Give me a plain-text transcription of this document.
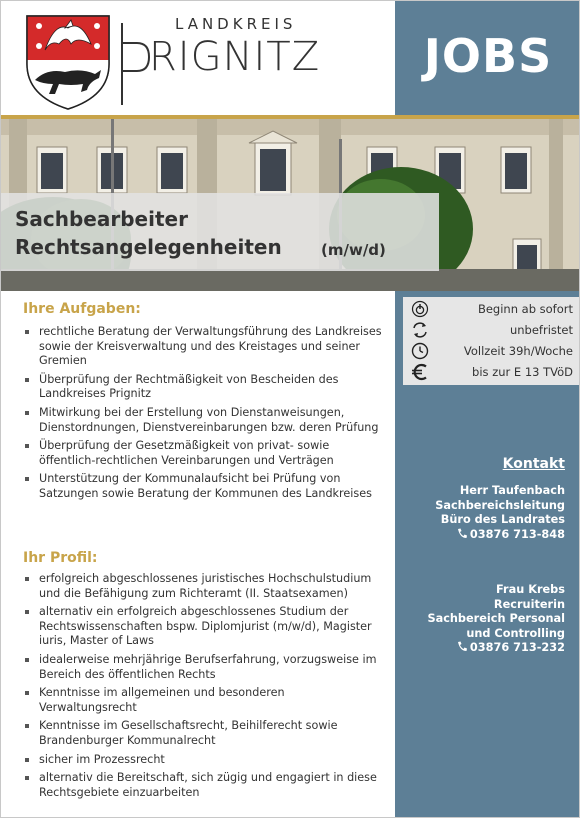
LANDKREIS
RIGNITZ	JOBS
Sachbearbeiter
Rechtsangelegenheiten	(m/w/d)
Ihre Aufgaben:
rechtliche Beratung der Verwaltungsführung des Landkreises sowie der Kreisverwaltung und des Kreistages und seiner Gremien
Überprüfung der Rechtmäßigkeit von Bescheiden des Landkreises Prignitz
Mitwirkung bei der Erstellung von Dienstanweisungen, Dienstordnungen, Dienstvereinbarungen bzw. deren Prüfung
Überprüfung der Gesetzmäßigkeit von privat- sowie öffentlich-rechtlichen Vereinbarungen und Verträgen
Unterstützung der Kommunalaufsicht bei Prüfung von Satzungen sowie Beratung der Kommunen des Landkreises
Ihr Profil:
erfolgreich abgeschlossenes juristisches Hochschulstudium und die Befähigung zum Richteramt (II. Staatsexamen)
alternativ ein erfolgreich abgeschlossenes Studium der Rechtswissenschaften bspw. Diplomjurist (m/w/d), Magister iuris, Master of Laws
idealerweise mehrjährige Berufserfahrung, vorzugsweise im Bereich des öffentlichen Rechts
Kenntnisse im allgemeinen und besonderen Verwaltungsrecht
Kenntnisse im Gesellschaftsrecht, Beihilferecht sowie Brandenburger Kommunalrecht
sicher im Prozessrecht
alternativ die Bereitschaft, sich zügig und engagiert in diese Rechtsgebiete einzuarbeiten
Beginn ab sofort
unbefristet
Vollzeit 39h/Woche
bis zur E 13 TVöD
Kontakt
Herr Taufenbach
Sachbereichsleitung
Büro des Landrates
03876 713-848
Frau Krebs
Recruiterin
Sachbereich Personal
und Controlling
03876 713-232
